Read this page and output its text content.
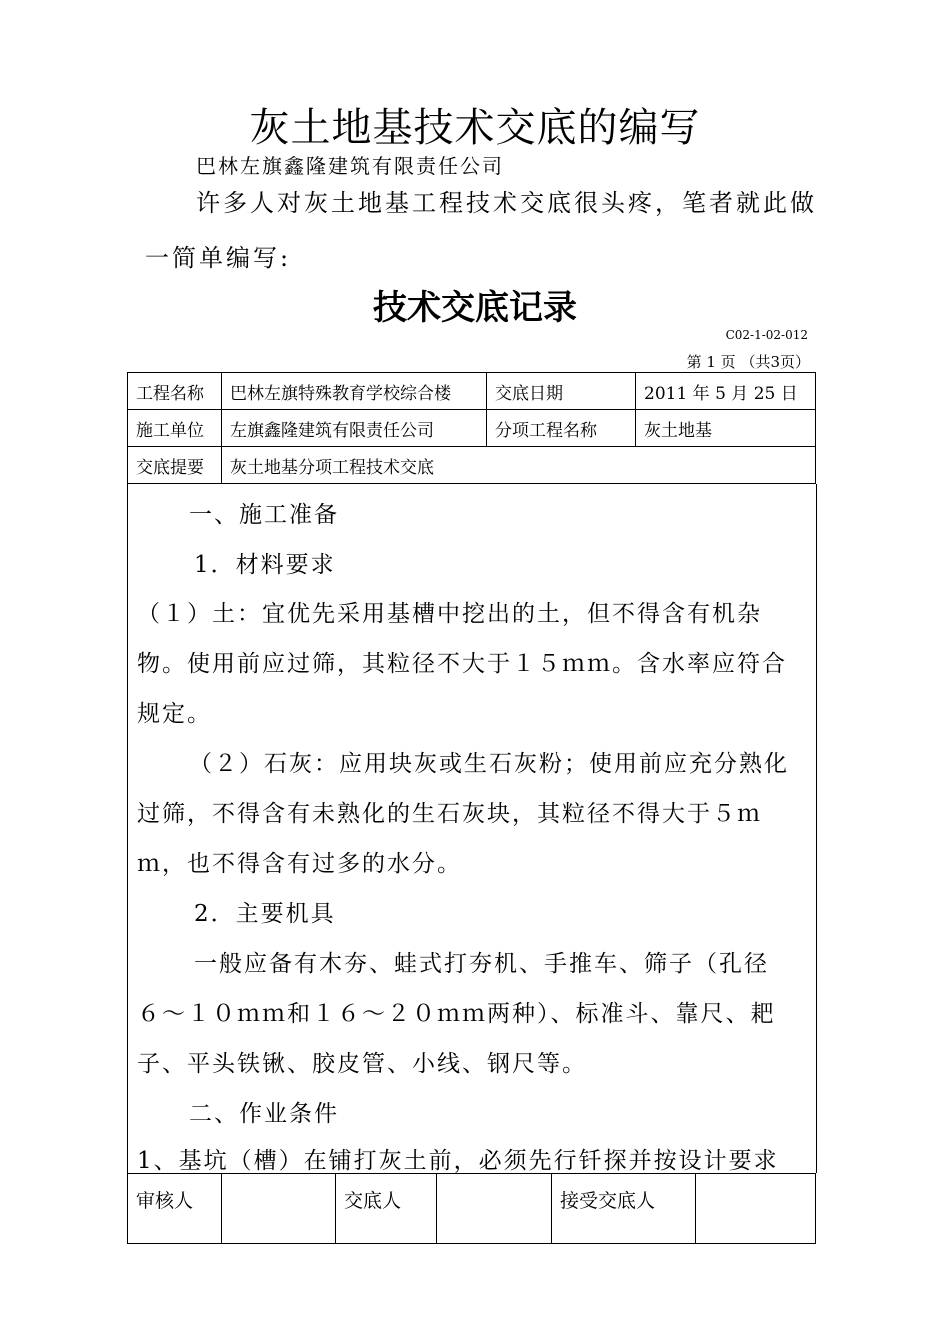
灰土地基技术交底的编写
巴林左旗鑫隆建筑有限责任公司
许多人对灰土地基工程技术交底很头疼，笔者就此做
一简单编写:
技术交底记录
C02-1-02-012
第 1 页 （共3页）
工程名称	巴林左旗特殊教育学校综合楼	交底日期	2011 年 5 月 25 日
施工单位	左旗鑫隆建筑有限责任公司	分项工程名称	灰土地基
交底提要	灰土地基分项工程技术交底		
一、施工准备
1．材料要求
（１）土：宜优先采用基槽中挖出的土，但不得含有机杂
物。使用前应过筛，其粒径不大于１５ｍｍ。含水率应符合
规定。
（２）石灰：应用块灰或生石灰粉；使用前应充分熟化
过筛，不得含有未熟化的生石灰块，其粒径不得大于５ｍ
ｍ，也不得含有过多的水分。
2．主要机具
一般应备有木夯、蛙式打夯机、手推车、筛子（孔径
６～１０ｍｍ和１６～２０ｍｍ两种）、标准斗、靠尺、耙
子、平头铁锹、胶皮管、小线、钢尺等。
二、作业条件
1、基坑（槽）在铺打灰土前，必须先行钎探并按设计要求
审核人		交底人		接受交底人	
